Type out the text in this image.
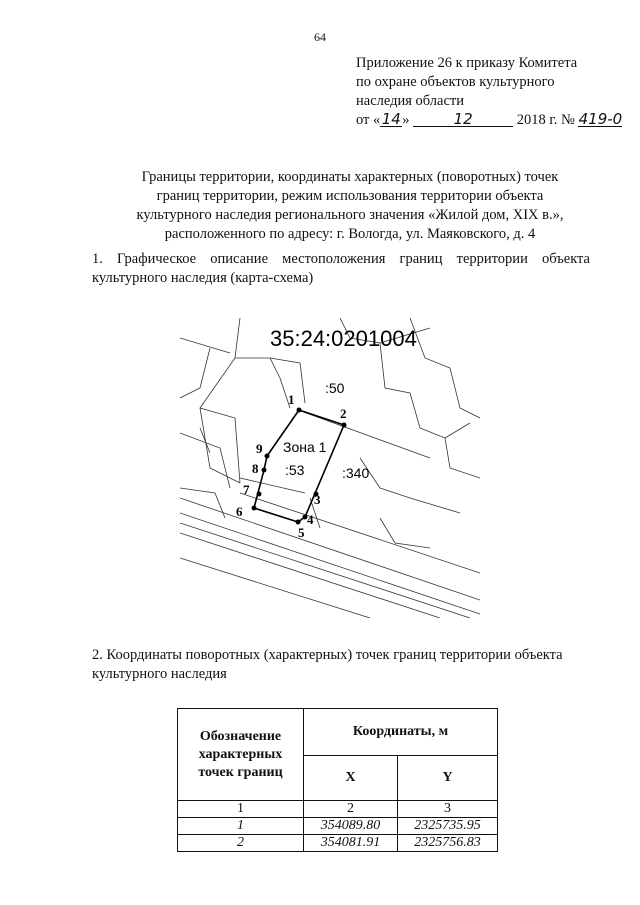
64
Приложение 26 к приказу Комитета
по охране объектов культурного
наследия области
от «14»	12	2018 г. № 419-0
Границы территории, координаты характерных (поворотных) точек границ территории, режим использования территории объекта культурного наследия регионального значения «Жилой дом, XIX в.», расположенного по адресу: г. Вологда, ул. Маяковского, д. 4
1. Графическое описание местоположения границ территории объекта
культурного наследия (карта-схема)
35:24:0201004
:50
:340
:53
Зона 1
1
2
3
4
5
6
7
8
9
2. Координаты поворотных (характерных) точек границ территории объекта
культурного наследия
Обозначение
характерных
точек границ	Координаты, м	
	X	Y
1	2	3
1	354089.80	2325735.95
2	354081.91	2325756.83
